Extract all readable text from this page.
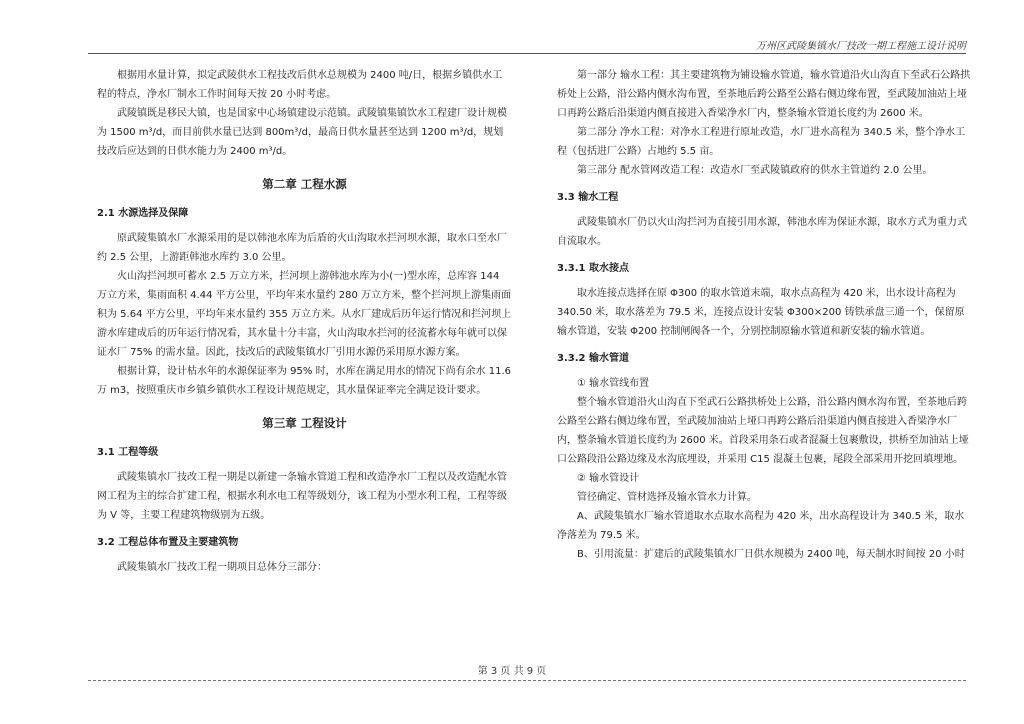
万州区武陵集镇水厂技改一期工程施工设计说明

根据用水量计算，拟定武陵供水工程技改后供水总规模为 2400 吨/日，根据乡镇供水工程的特点，净水厂制水工作时间每天按 20 小时考虑。

武陵镇既是移民大镇，也是国家中心场镇建设示范镇。武陵镇集镇饮水工程建厂设计规模为 1500 m³/d，而目前供水量已达到 800m³/d，最高日供水量甚至达到 1200 m³/d，规划技改后应达到的日供水能力为 2400 m³/d。

第二章 工程水源
2.1 水源选择及保障

原武陵集镇水厂水源采用的是以韩池水库为后盾的火山沟取水拦河坝水源，取水口至水厂约 2.5 公里，上游距韩池水库约 3.0 公里。

火山沟拦河坝可蓄水 2.5 万立方米，拦河坝上游韩池水库为小(一)型水库，总库容 144 万立方米，集雨面积 4.44 平方公里，平均年来水量约 280 万立方米，整个拦河坝上游集雨面积为 5.64 平方公里，平均年来水量约 355 万立方米。从水厂建成后历年运行情况和拦河坝上游水库建成后的历年运行情况看，其水量十分丰富，火山沟取水拦河的径流蓄水每年就可以保证水厂 75% 的需水量。因此，技改后的武陵集镇水厂引用水源仍采用原水源方案。

根据计算，设计枯水年的水源保证率为 95% 时，水库在满足用水的情况下尚有余水 11.6 万 m3，按照重庆市乡镇乡镇供水工程设计规范规定，其水量保证率完全满足设计要求。

第三章 工程设计
3.1 工程等级

武陵集镇水厂技改工程一期是以新建一条输水管道工程和改造净水厂工程以及改造配水管网工程为主的综合扩建工程，根据水利水电工程等级划分，该工程为小型水利工程，工程等级为 V 等，主要工程建筑物级别为五级。

3.2 工程总体布置及主要建筑物

武陵集镇水厂技改工程一期项目总体分三部分：

第一部分 输水工程：其主要建筑物为铺设输水管道，输水管道沿火山沟直下至武石公路拱桥处上公路，沿公路内侧水沟布置，至茶地后跨公路至公路右侧边缘布置，至武陵加油站上垭口再跨公路后沿渠道内侧直接进入香梁净水厂内，整条输水管道长度约为 2600 米。

第二部分 净水工程：对净水工程进行原址改造，水厂进水高程为 340.5 米，整个净水工程（包括进厂公路）占地约 5.5 亩。

第三部分 配水管网改造工程：改造水厂至武陵镇政府的供水主管道约 2.0 公里。

3.3 输水工程

武陵集镇水厂仍以火山沟拦河为直接引用水源，韩池水库为保证水源，取水方式为重力式自流取水。

3.3.1 取水接点

取水连接点选择在原 Φ300 的取水管道末端，取水点高程为 420 米，出水设计高程为 340.50 米，取水落差为 79.5 米，连接点设计安装 Φ300×200 铸铁承盘三通一个，保留原输水管道，安装 Φ200 控制闸阀各一个，分别控制原输水管道和新安装的输水管道。

3.3.2 输水管道

① 输水管线布置

整个输水管道沿火山沟直下至武石公路拱桥处上公路，沿公路内侧水沟布置，至茶地后跨公路至公路右侧边缘布置，至武陵加油站上垭口再跨公路后沿渠道内侧直接进入香梁净水厂内，整条输水管道长度约为 2600 米。首段采用条石或者混凝土包裹敷设，拱桥至加油站上垭口公路段沿公路边缘及水沟底埋设，并采用 C15 混凝土包裹，尾段全部采用开挖回填埋地。

② 输水管设计

管径确定、管材选择及输水管水力计算。

A、武陵集镇水厂输水管道取水点取水高程为 420 米，出水高程设计为 340.5 米，取水净落差为 79.5 米。

B、引用流量：扩建后的武陵集镇水厂日供水规模为 2400 吨，每天制水时间按 20 小时

第 3 页 共 9 页
